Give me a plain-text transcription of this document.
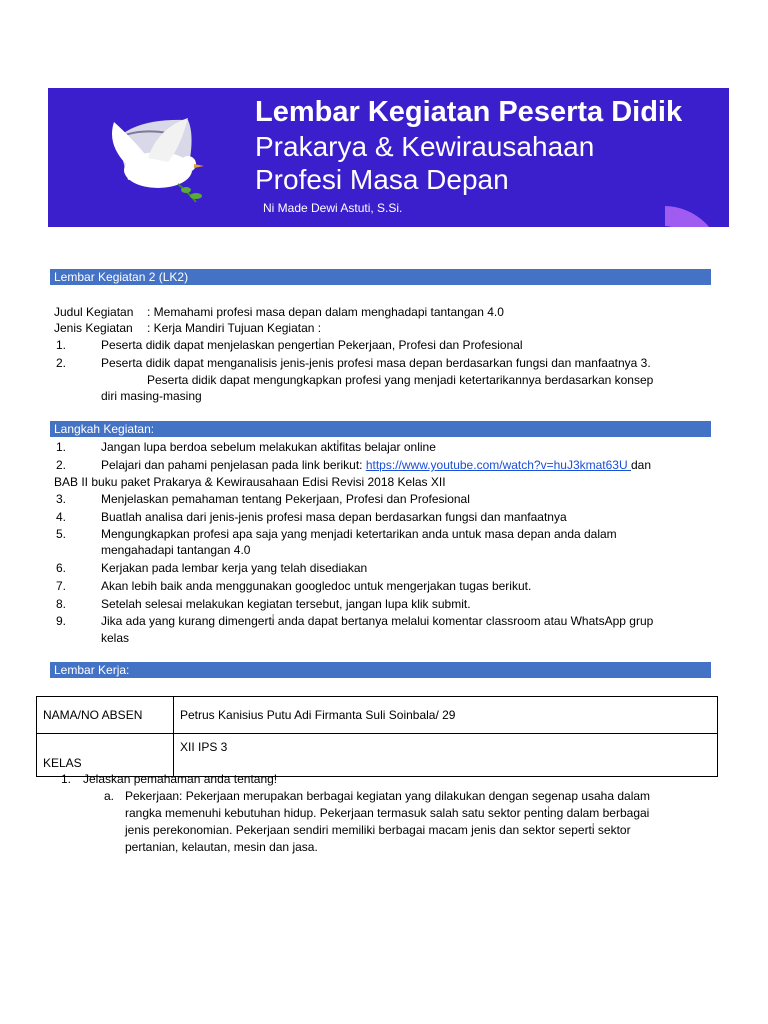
Lembar Kegiatan Peserta Didik
Prakarya & Kewirausahaan
Profesi Masa Depan
Ni Made Dewi Astuti, S.Si.
Lembar Kegiatan 2 (LK2)
Judul Kegiatan : Memahami profesi masa depan dalam menghadapi tantangan 4.0
Jenis Kegiatan : Kerja Mandiri Tujuan Kegiatan :
1.	Peserta didik dapat menjelaskan pengerti̇an Pekerjaan, Profesi dan Profesional
2.	Peserta didik dapat menganalisis jenis-jenis profesi masa depan berdasarkan fungsi dan manfaatnya 3.
Peserta didik dapat mengungkapkan profesi yang menjadi ketertarikannya berdasarkan konsep
diri masing-masing
Langkah Kegiatan:
1.	Jangan lupa berdoa sebelum melakukan akti̇fitas belajar online
2.	Pelajari dan pahami penjelasan pada link berikut: https://www.youtube.com/watch?v=huJ3kmat63U dan
BAB II buku paket Prakarya & Kewirausahaan Edisi Revisi 2018 Kelas XII
3.	Menjelaskan pemahaman tentang Pekerjaan, Profesi dan Profesional
4.	Buatlah analisa dari jenis-jenis profesi masa depan berdasarkan fungsi dan manfaatnya
5.	Mengungkapkan profesi apa saja yang menjadi ketertarikan anda untuk masa depan anda dalam
mengahadapi tantangan 4.0
6.	Kerjakan pada lembar kerja yang telah disediakan
7.	Akan lebih baik anda menggunakan googledoc untuk mengerjakan tugas berikut.
8.	Setelah selesai melakukan kegiatan tersebut, jangan lupa klik submit.
9.	Jika ada yang kurang dimengerti̇ anda dapat bertanya melalui komentar classroom atau WhatsApp grup
kelas
Lembar Kerja:
NAMA/NO ABSEN	Petrus Kanisius Putu Adi Firmanta Suli Soinbala/ 29
KELAS	XII IPS 3
1. Jelaskan pemahaman anda tentang!
a. Pekerjaan: Pekerjaan merupakan berbagai kegiatan yang dilakukan dengan segenap usaha dalam
rangka memenuhi kebutuhan hidup. Pekerjaan termasuk salah satu sektor penti̇ng dalam berbagai
jenis perekonomian. Pekerjaan sendiri memiliki berbagai macam jenis dan sektor seperti̇ sektor
pertanian, kelautan, mesin dan jasa.
